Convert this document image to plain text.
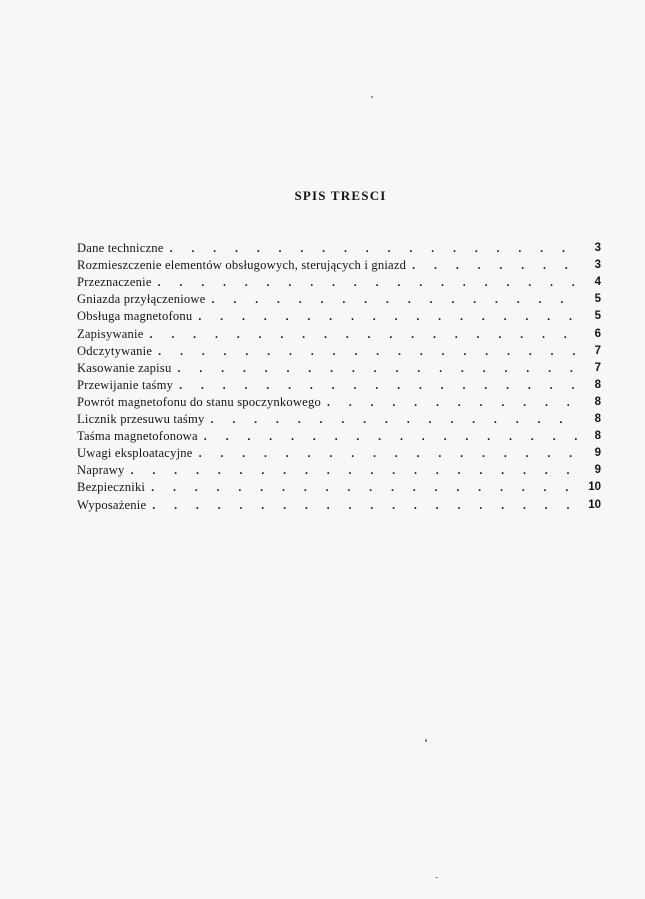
SPIS TRESCI
Dane techniczne . . .	3
Rozmieszczenie elementów obsługowych, sterujących i gniazd . . .	3
Przeznaczenie . . .	4
Gniazda przyłączeniowe . . .	5
Obsługa magnetofonu . . .	5
Zapisywanie . . .	6
Odczytywanie . . .	7
Kasowanie zapisu . . .	7
Przewijanie taśmy . . .	8
Powrót magnetofonu do stanu spoczynkowego . . .	8
Licznik przesuwu taśmy . . .	8
Taśma magnetofonowa . . .	8
Uwagi eksploatacyjne . . .	9
Naprawy . . .	9
Bezpieczniki . . .	10
Wyposażenie . . .	10
